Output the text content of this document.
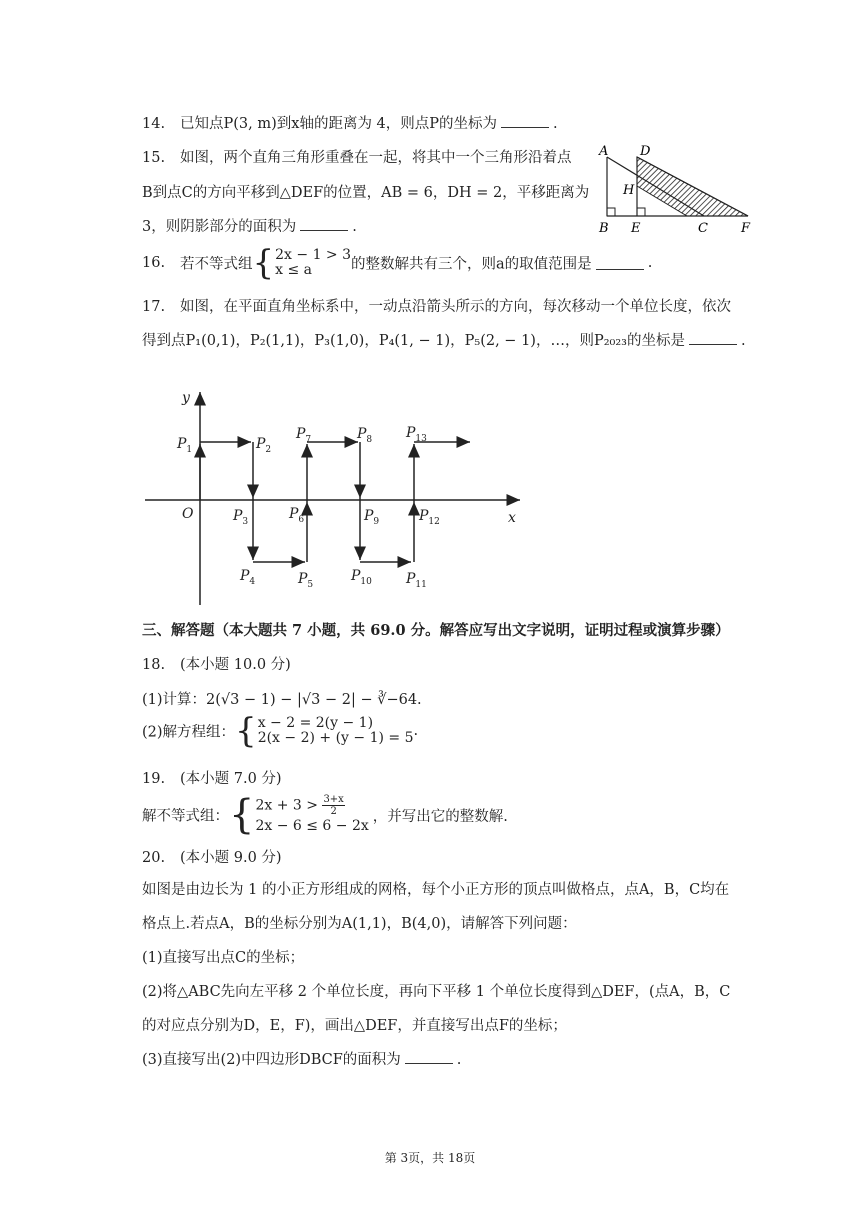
14. 已知点P(3, m)到x轴的距离为 4，则点P的坐标为	.
15. 如图，两个直角三角形重叠在一起，将其中一个三角形沿着点
B到点C的方向平移到△DEF的位置，AB = 6，DH = 2，平移距离为
3，则阴影部分的面积为	.
A D
H
B E	C	F
16. 若不等式组{2x − 1 > 3
x ≤ a	的整数解共有三个，则a的取值范围是	.
17. 如图，在平面直角坐标系中，一动点沿箭头所示的方向，每次移动一个单位长度，依次
得到点P₁(0,1)，P₂(1,1)，P₃(1,0)，P₄(1, − 1)，P₅(2, − 1)，…，则P₂₀₂₃的坐标是	.
y
x
O
$P_1$	$P_2$
$P_3$
$P_4$	$P_5$
$P_6$
$P_7$	$P_8$
$P_9$
$P_{10}$ $P_{11}$
$P_{12}$
$P_{13}$
三、解答题（本大题共 7 小题，共 69.0 分。解答应写出文字说明，证明过程或演算步骤）
18. (本小题 10.0 分)
(1)计算：2(√3 − 1) − |√3 − 2| − ∛−64.
(2)解方程组：{x − 2 = 2(y − 1)
2(x − 2) + (y − 1) = 5.
19. (本小题 7.0 分)
解不等式组：{$2x + 3 > \frac{3+x}{2}$

2x − 6 ≤ 6 − 2x，并写出它的整数解.
20. (本小题 9.0 分)
如图是由边长为 1 的小正方形组成的网格，每个小正方形的顶点叫做格点，点A，B，C均在
格点上.若点A，B的坐标分别为A(1,1)，B(4,0)，请解答下列问题：
(1)直接写出点C的坐标；
(2)将△ABC先向左平移 2 个单位长度，再向下平移 1 个单位长度得到△DEF，(点A，B，C
的对应点分别为D，E，F)，画出△DEF，并直接写出点F的坐标；
(3)直接写出(2)中四边形DBCF的面积为	.
第 3页，共 18页
